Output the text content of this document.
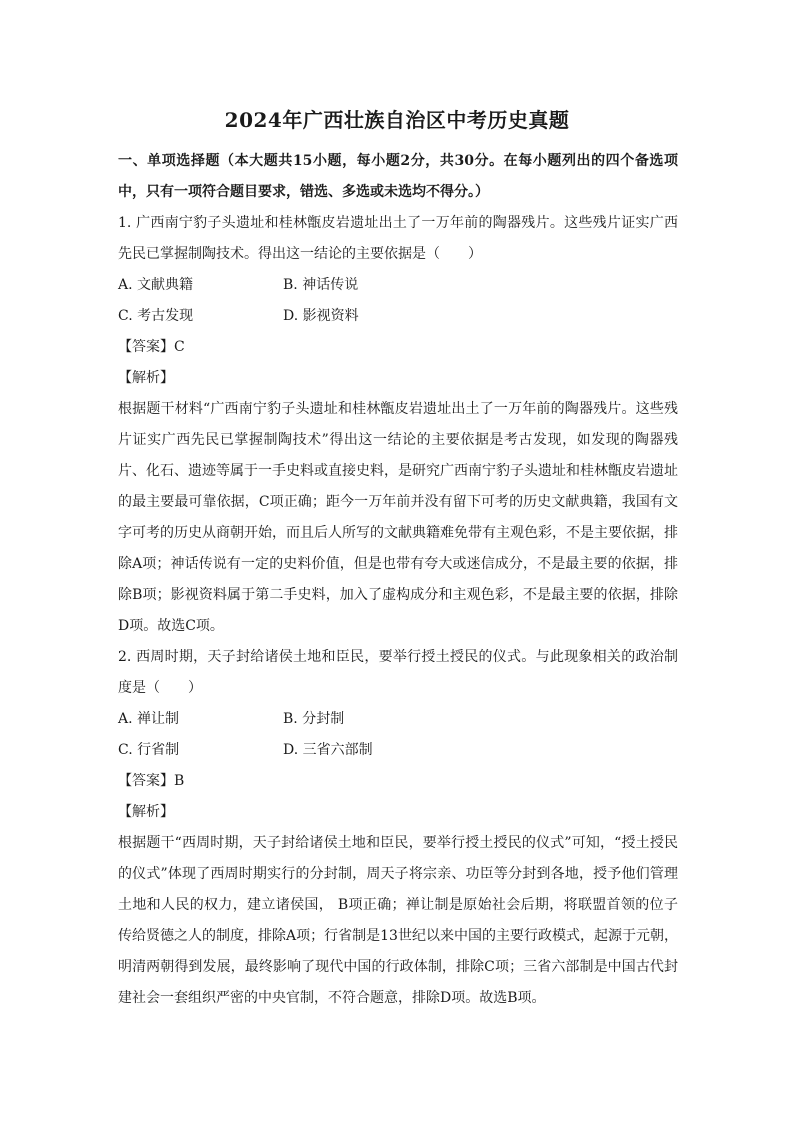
2024年广西壮族自治区中考历史真题

一、单项选择题（本大题共15小题，每小题2分，共30分。在每小题列出的四个备选项中，只有一项符合题目要求，错选、多选或未选均不得分。）

1. 广西南宁豹子头遗址和桂林甑皮岩遗址出土了一万年前的陶器残片。这些残片证实广西先民已掌握制陶技术。得出这一结论的主要依据是（　　）

A. 文献典籍	B. 神话传说
C. 考古发现	D. 影视资料

【答案】C

【解析】

根据题干材料“广西南宁豹子头遗址和桂林甑皮岩遗址出土了一万年前的陶器残片。这些残片证实广西先民已掌握制陶技术”得出这一结论的主要依据是考古发现，如发现的陶器残片、化石、遗迹等属于一手史料或直接史料，是研究广西南宁豹子头遗址和桂林甑皮岩遗址的最主要最可靠依据，C项正确；距今一万年前并没有留下可考的历史文献典籍，我国有文字可考的历史从商朝开始，而且后人所写的文献典籍难免带有主观色彩，不是主要依据，排除A项；神话传说有一定的史料价值，但是也带有夸大或迷信成分，不是最主要的依据，排除B项；影视资料属于第二手史料，加入了虚构成分和主观色彩，不是最主要的依据，排除D项。故选C项。

2. 西周时期，天子封给诸侯土地和臣民，要举行授土授民的仪式。与此现象相关的政治制度是（　　）

A. 禅让制	B. 分封制
C. 行省制	D. 三省六部制

【答案】B

【解析】

根据题干“西周时期，天子封给诸侯土地和臣民，要举行授土授民的仪式”可知，“授土授民的仪式”体现了西周时期实行的分封制，周天子将宗亲、功臣等分封到各地，授予他们管理土地和人民的权力，建立诸侯国， B项正确；禅让制是原始社会后期，将联盟首领的位子传给贤德之人的制度，排除A项；行省制是13世纪以来中国的主要行政模式，起源于元朝，明清两朝得到发展，最终影响了现代中国的行政体制，排除C项；三省六部制是中国古代封建社会一套组织严密的中央官制，不符合题意，排除D项。故选B项。
